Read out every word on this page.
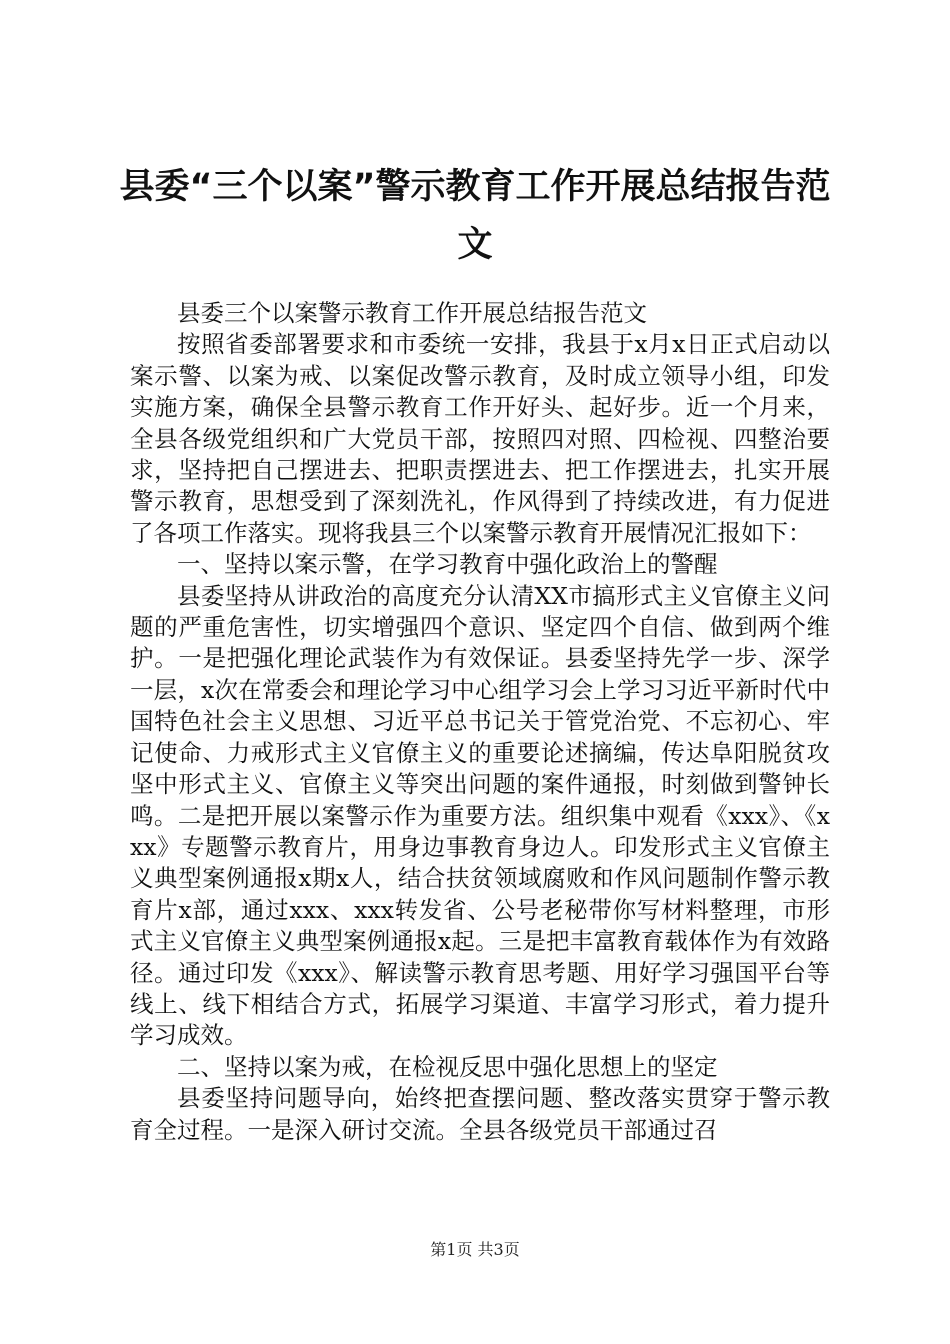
县委“三个以案”警示教育工作开展总结报告范文

县委三个以案警示教育工作开展总结报告范文

按照省委部署要求和市委统一安排，我县于x月x日正式启动以案示警、以案为戒、以案促改警示教育，及时成立领导小组，印发实施方案，确保全县警示教育工作开好头、起好步。近一个月来，全县各级党组织和广大党员干部，按照四对照、四检视、四整治要求，坚持把自己摆进去、把职责摆进去、把工作摆进去，扎实开展警示教育，思想受到了深刻洗礼，作风得到了持续改进，有力促进了各项工作落实。现将我县三个以案警示教育开展情况汇报如下：

一、坚持以案示警，在学习教育中强化政治上的警醒

县委坚持从讲政治的高度充分认清XX市搞形式主义官僚主义问题的严重危害性，切实增强四个意识、坚定四个自信、做到两个维护。一是把强化理论武装作为有效保证。县委坚持先学一步、深学一层，x次在常委会和理论学习中心组学习会上学习习近平新时代中国特色社会主义思想、习近平总书记关于管党治党、不忘初心、牢记使命、力戒形式主义官僚主义的重要论述摘编，传达阜阳脱贫攻坚中形式主义、官僚主义等突出问题的案件通报，时刻做到警钟长鸣。二是把开展以案警示作为重要方法。组织集中观看《xxx》、《xxx》专题警示教育片，用身边事教育身边人。印发形式主义官僚主义典型案例通报x期x人，结合扶贫领域腐败和作风问题制作警示教育片x部，通过xxx、xxx转发省、公号老秘带你写材料整理，市形式主义官僚主义典型案例通报x起。三是把丰富教育载体作为有效路径。通过印发《xxx》、解读警示教育思考题、用好学习强国平台等线上、线下相结合方式，拓展学习渠道、丰富学习形式，着力提升学习成效。

二、坚持以案为戒，在检视反思中强化思想上的坚定

县委坚持问题导向，始终把查摆问题、整改落实贯穿于警示教育全过程。一是深入研讨交流。全县各级党员干部通过召

第1页 共3页
